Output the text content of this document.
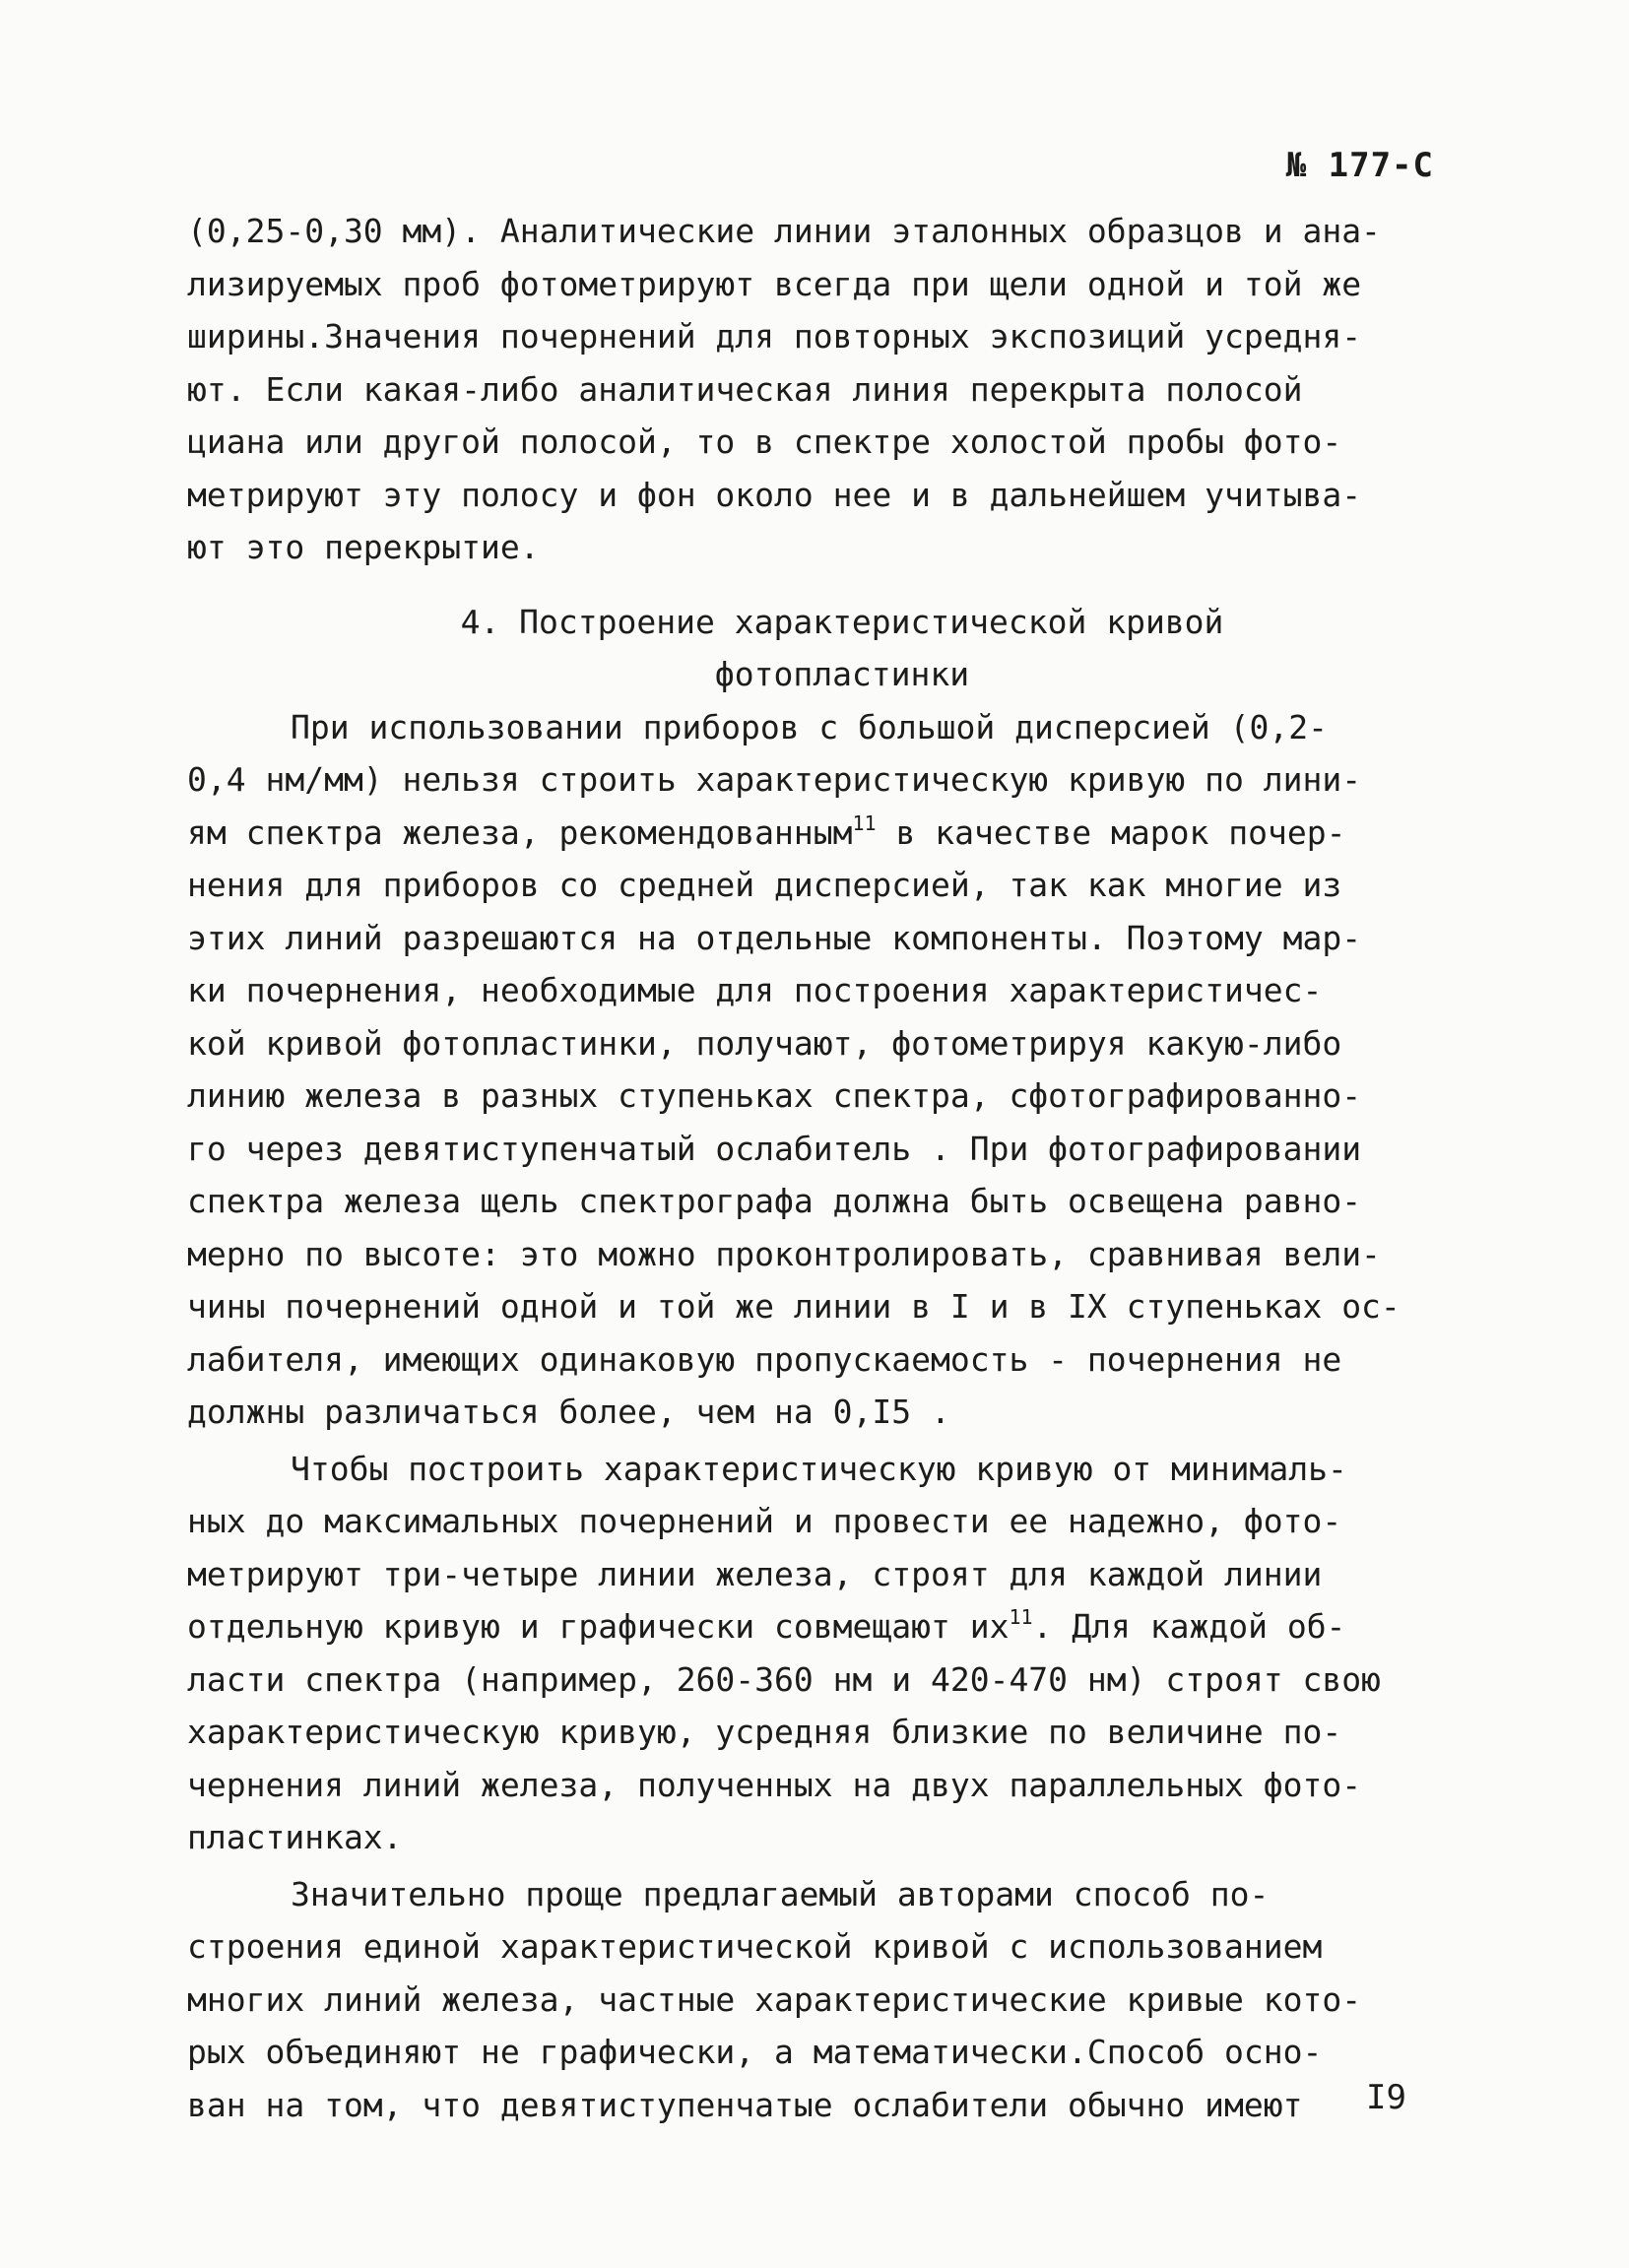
№ 177-С
(0,25-0,30 мм). Аналитические линии эталонных образцов и ана-
лизируемых проб фотометрируют всегда при щели одной и той же
ширины.Значения почернений для повторных экспозиций усредня-
ют. Если какая-либо аналитическая линия перекрыта полосой
циана или другой полосой, то в спектре холостой пробы фото-
метрируют эту полосу и фон около нее и в дальнейшем учитыва-
ют это перекрытие.
4. Построение характеристической кривой
фотопластинки
При использовании приборов с большой дисперсией (0,2-
0,4 нм/мм) нельзя строить характеристическую кривую по лини-
ям спектра железа, рекомендованным$^{11}$ в качестве марок почер-
нения для приборов со средней дисперсией, так как многие из
этих линий разрешаются на отдельные компоненты. Поэтому мар-
ки почернения, необходимые для построения характеристичес-
кой кривой фотопластинки, получают, фотометрируя какую-либо
линию железа в разных ступеньках спектра, сфотографированно-
го через девятиступенчатый ослабитель . При фотографировании
спектра железа щель спектрографа должна быть освещена равно-
мерно по высоте: это можно проконтролировать, сравнивая вели-
чины почернений одной и той же линии в I и в IX ступеньках ос-
лабителя, имеющих одинаковую пропускаемость - почернения не
должны различаться более, чем на 0,I5 .
Чтобы построить характеристическую кривую от минималь-
ных до максимальных почернений и провести ее надежно, фото-
метрируют три-четыре линии железа, строят для каждой линии
отдельную кривую и графически совмещают $их^{11}$. Для каждой об-
ласти спектра (например, 260-360 нм и 420-470 нм) строят свою
характеристическую кривую, усредняя близкие по величине по-
чернения линий железа, полученных на двух параллельных фото-
пластинках.
Значительно проще предлагаемый авторами способ по-
строения единой характеристической кривой с использованием
многих линий железа, частные характеристические кривые кото-
рых объединяют не графически, а математически.Способ осно-
ван на том, что девятиступенчатые ослабители обычно имеют	I9
